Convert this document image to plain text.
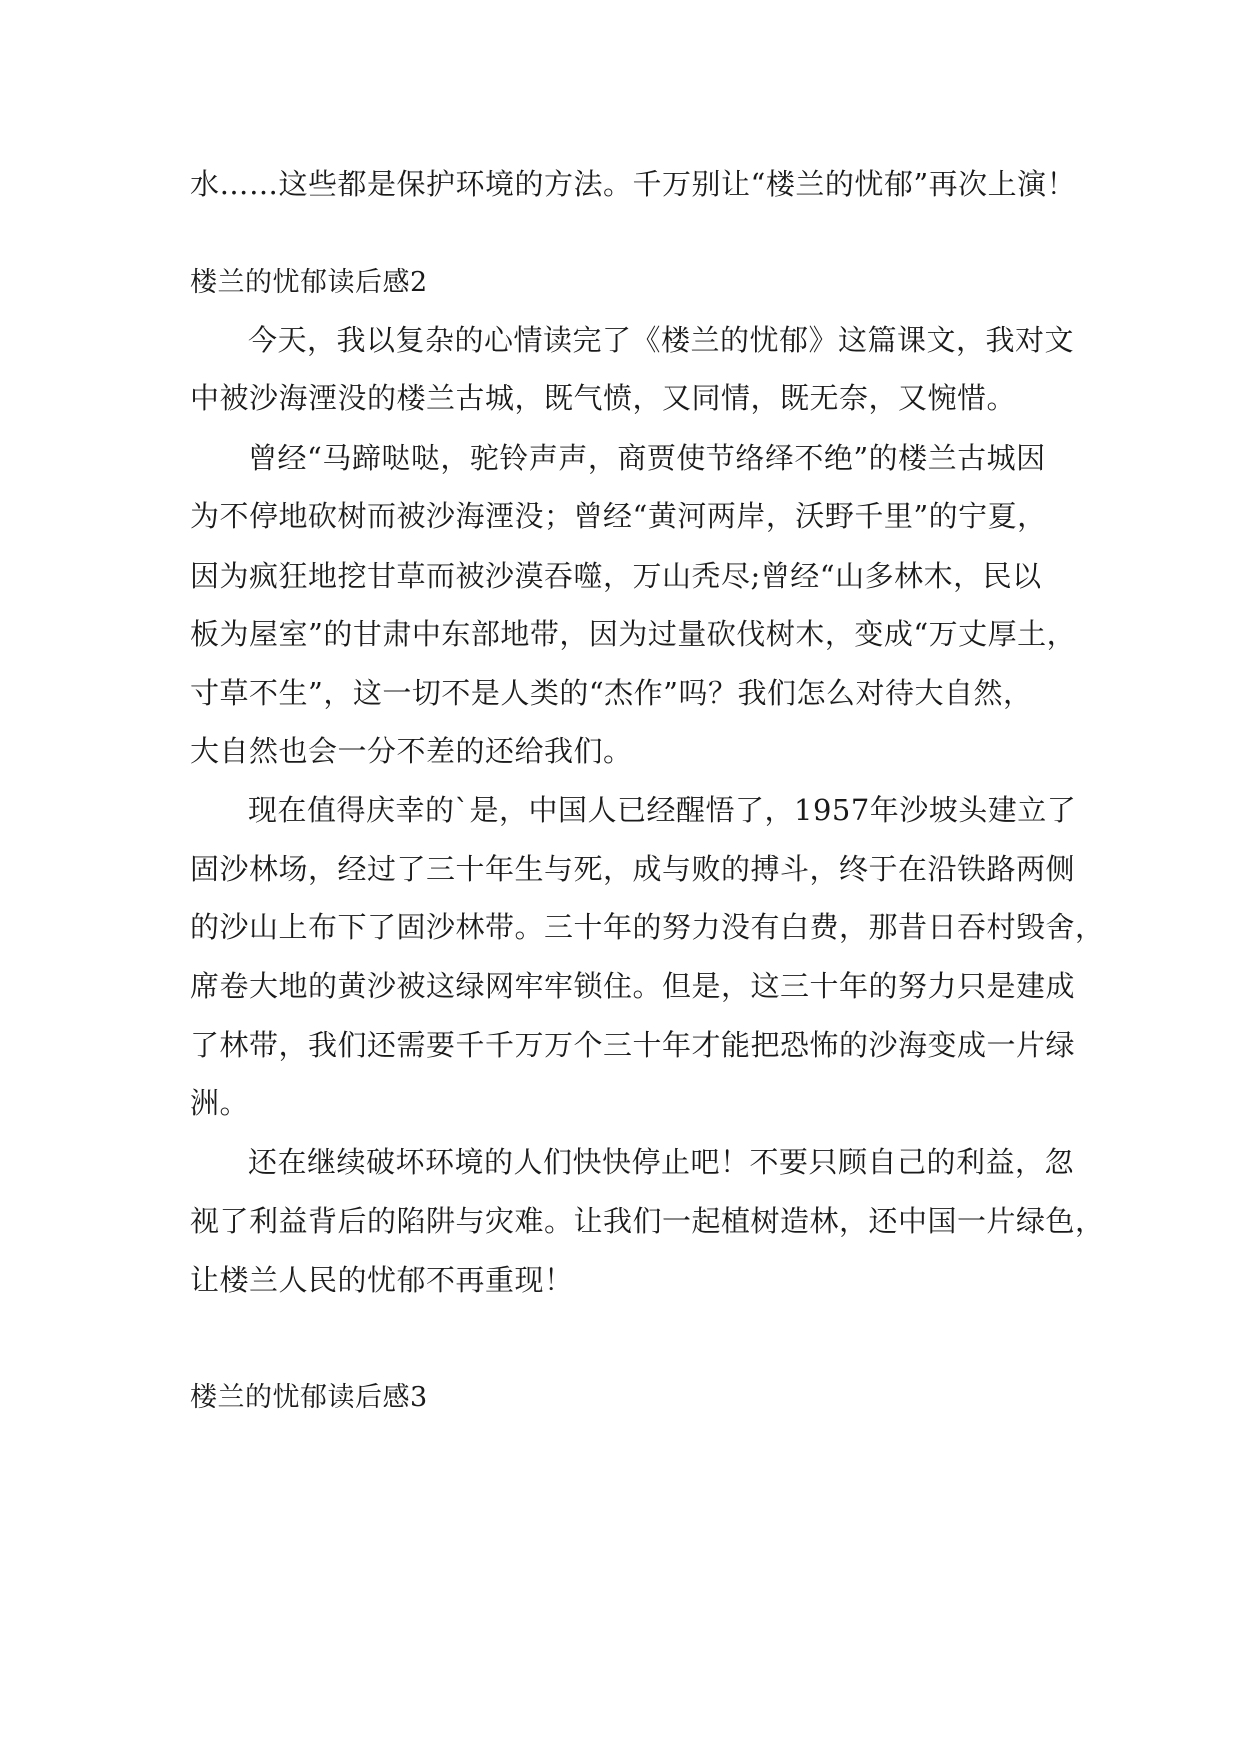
水……这些都是保护环境的方法。千万别让“楼兰的忧郁”再次上演！
楼兰的忧郁读后感2
今天，我以复杂的心情读完了《楼兰的忧郁》这篇课文，我对文
中被沙海湮没的楼兰古城，既气愤，又同情，既无奈，又惋惜。
曾经“马蹄哒哒，驼铃声声，商贾使节络绎不绝”的楼兰古城因
为不停地砍树而被沙海湮没；曾经“黄河两岸，沃野千里”的宁夏，
因为疯狂地挖甘草而被沙漠吞噬，万山秃尽;曾经“山多林木，民以
板为屋室”的甘肃中东部地带，因为过量砍伐树木，变成“万丈厚土，
寸草不生”，这一切不是人类的“杰作”吗？我们怎么对待大自然，
大自然也会一分不差的还给我们。
现在值得庆幸的`是，中国人已经醒悟了，1957年沙坡头建立了
固沙林场，经过了三十年生与死，成与败的搏斗，终于在沿铁路两侧
的沙山上布下了固沙林带。三十年的努力没有白费，那昔日吞村毁舍，
席卷大地的黄沙被这绿网牢牢锁住。但是，这三十年的努力只是建成
了林带，我们还需要千千万万个三十年才能把恐怖的沙海变成一片绿
洲。
还在继续破坏环境的人们快快停止吧！不要只顾自己的利益，忽
视了利益背后的陷阱与灾难。让我们一起植树造林，还中国一片绿色，
让楼兰人民的忧郁不再重现！
楼兰的忧郁读后感3
